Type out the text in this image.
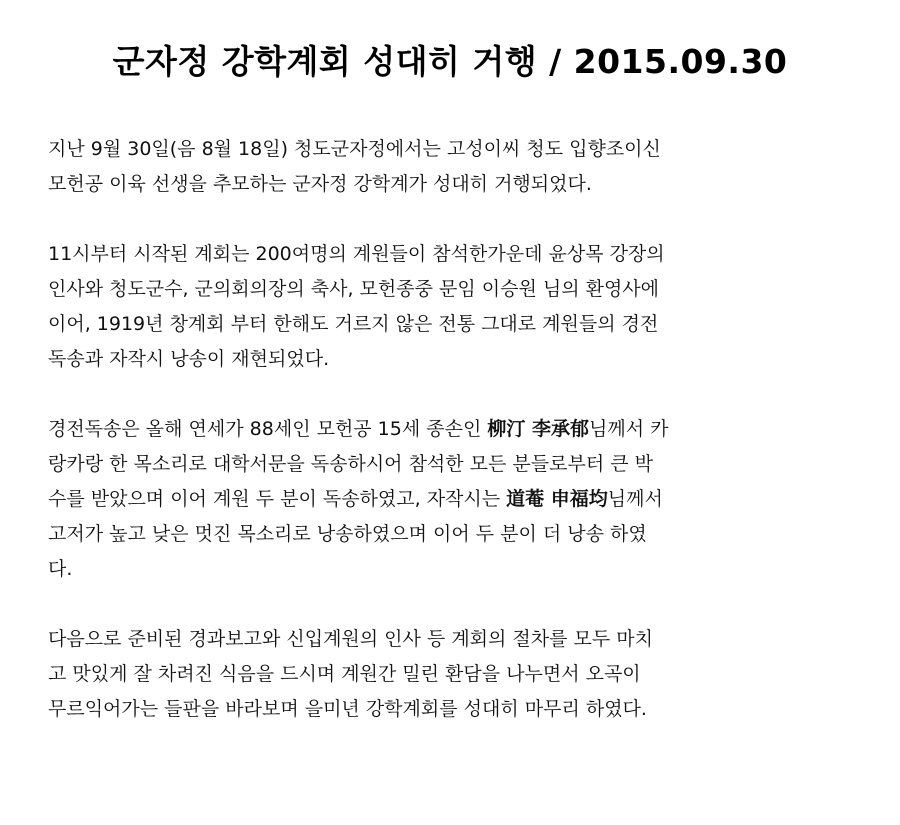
군자정 강학계회 성대히 거행 / 2015.09.30

지난 9월 30일(음 8월 18일) 청도군자정에서는 고성이씨 청도 입향조이신
모헌공 이육 선생을 추모하는 군자정 강학계가 성대히 거행되었다.

11시부터 시작된 계회는 200여명의 계원들이 참석한가운데 윤상목 강장의
인사와 청도군수, 군의회의장의 축사, 모헌종중 문임 이승원 님의 환영사에
이어, 1919년 창계회 부터 한해도 거르지 않은 전통 그대로 계원들의 경전
독송과 자작시 낭송이 재현되었다.

경전독송은 올해 연세가 88세인 모헌공 15세 종손인 柳汀 李承郁님께서 카
랑카랑 한 목소리로 대학서문을 독송하시어 참석한 모든 분들로부터 큰 박
수를 받았으며 이어 계원 두 분이 독송하였고, 자작시는 道菴 申福均님께서
고저가 높고 낮은 멋진 목소리로 낭송하였으며 이어 두 분이 더 낭송 하였
다.

다음으로 준비된 경과보고와 신입계원의 인사 등 계회의 절차를 모두 마치
고 맛있게 잘 차려진 식음을 드시며 계원간 밀린 환담을 나누면서 오곡이
무르익어가는 들판을 바라보며 을미년 강학계회를 성대히 마무리 하였다.
